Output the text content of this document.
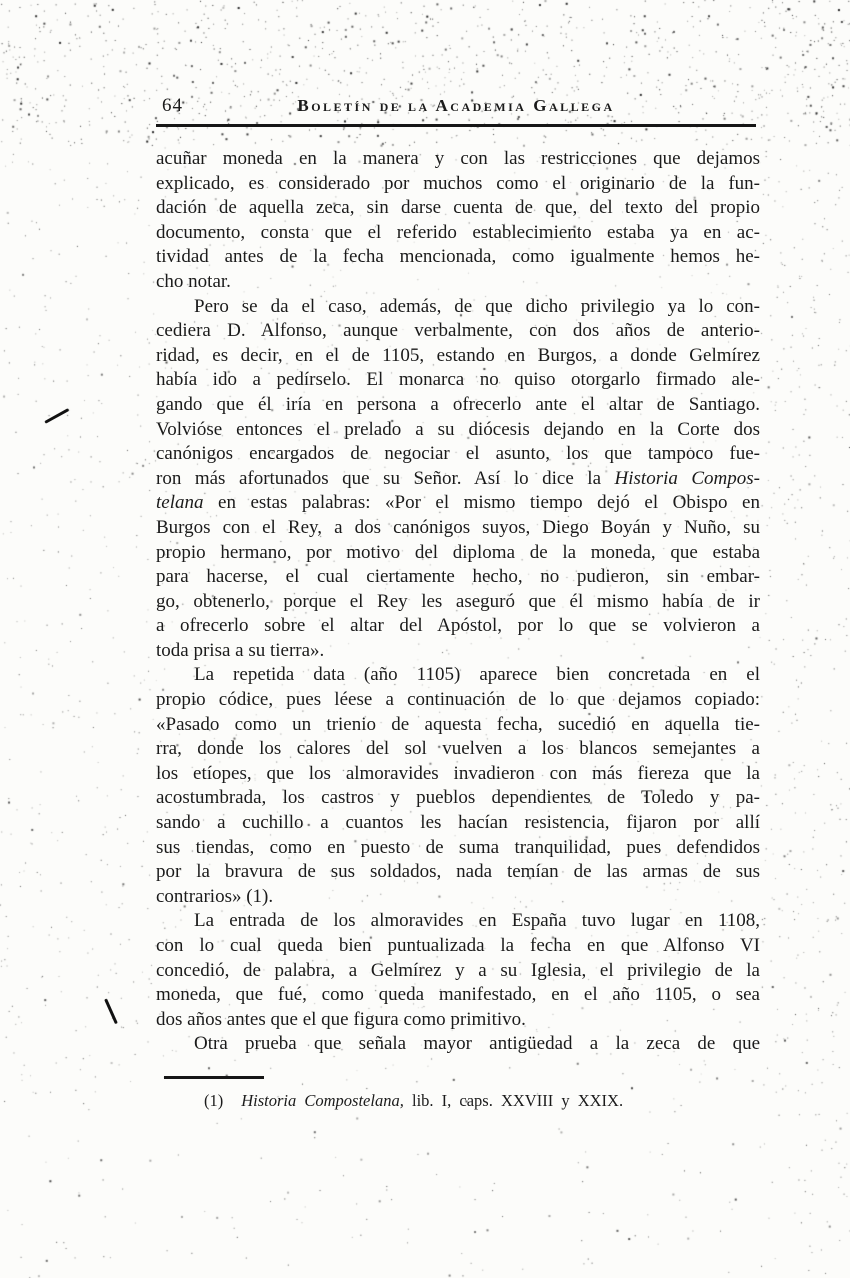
64	Boletín de la Academia Gallega
acuñar moneda en la manera y con las restricciones que dejamos
explicado, es considerado por muchos como el originario de la fun-
dación de aquella zeca, sin darse cuenta de que, del texto del propio
documento, consta que el referido establecimiento estaba ya en ac-
tividad antes de la fecha mencionada, como igualmente hemos he-
cho notar.
Pero se da el caso, además, de que dicho privilegio ya lo con-
cediera D. Alfonso, aunque verbalmente, con dos años de anterio-
ridad, es decir, en el de 1105, estando en Burgos, a donde Gelmírez
había ido a pedírselo. El monarca no quiso otorgarlo firmado ale-
gando que él iría en persona a ofrecerlo ante el altar de Santiago.
Volvióse entonces el prelado a su diócesis dejando en la Corte dos
canónigos encargados de negociar el asunto, los que tampoco fue-
ron más afortunados que su Señor. Así lo dice la Historia Compos-
telana en estas palabras: «Por el mismo tiempo dejó el Obispo en
Burgos con el Rey, a dos canónigos suyos, Diego Boyán y Nuño, su
propio hermano, por motivo del diploma de la moneda, que estaba
para hacerse, el cual ciertamente hecho, no pudieron, sin embar-
go, obtenerlo, porque el Rey les aseguró que él mismo había de ir
a ofrecerlo sobre el altar del Apóstol, por lo que se volvieron a
toda prisa a su tierra».
La repetida data (año 1105) aparece bien concretada en el
propio códice, pues léese a continuación de lo que dejamos copiado:
«Pasado como un trienio de aquesta fecha, sucedió en aquella tie-
rra, donde los calores del sol vuelven a los blancos semejantes a
los etíopes, que los almoravides invadieron con más fiereza que la
acostumbrada, los castros y pueblos dependientes de Toledo y pa-
sando a cuchillo a cuantos les hacían resistencia, fijaron por allí
sus tiendas, como en puesto de suma tranquilidad, pues defendidos
por la bravura de sus soldados, nada temían de las armas de sus
contrarios» (1).
La entrada de los almoravides en España tuvo lugar en 1108,
con lo cual queda bien puntualizada la fecha en que Alfonso VI
concedió, de palabra, a Gelmírez y a su Iglesia, el privilegio de la
moneda, que fué, como queda manifestado, en el año 1105, o sea
dos años antes que el que figura como primitivo.
Otra prueba que señala mayor antigüedad a la zeca de que
(1) Historia Compostelana, lib. I, caps. XXVIII y XXIX.
